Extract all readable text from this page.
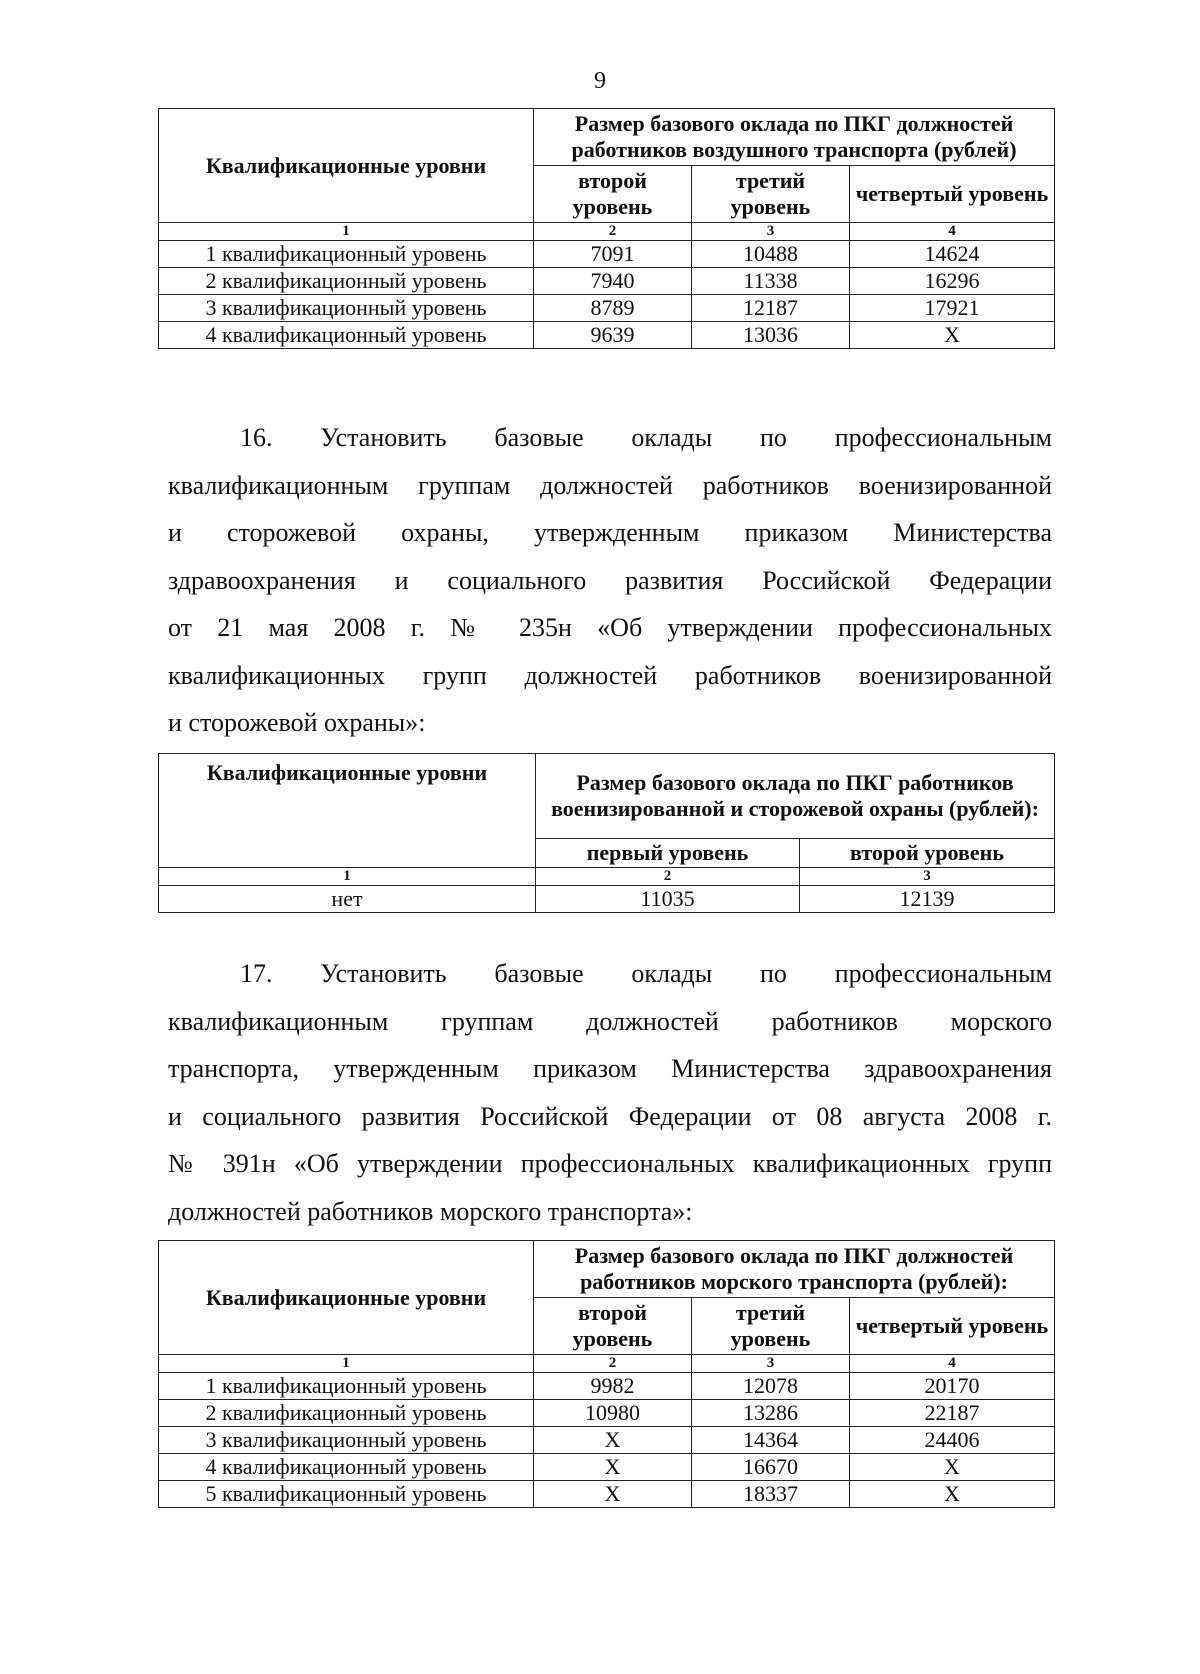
9
Квалификационные уровни	Размер базового оклада по ПКГ должностей работников воздушного транспорта (рублей)		
	второй уровень	третий уровень	четвертый уровень
1	2	3	4
1 квалификационный уровень	7091	10488	14624
2 квалификационный уровень	7940	11338	16296
3 квалификационный уровень	8789	12187	17921
4 квалификационный уровень	9639	13036	X
16. Установить базовые оклады по профессиональным
квалификационным группам должностей работников военизированной
и сторожевой охраны, утвержденным приказом Министерства
здравоохранения и социального развития Российской Федерации
от 21 мая 2008 г. № 235н «Об утверждении профессиональных
квалификационных групп должностей работников военизированной
и сторожевой охраны»:
Квалификационные уровни	Размер базового оклада по ПКГ работников военизированной и сторожевой охраны (рублей):	
	первый уровень	второй уровень
1	2	3
нет	11035	12139
17. Установить базовые оклады по профессиональным
квалификационным группам должностей работников морского
транспорта, утвержденным приказом Министерства здравоохранения
и социального развития Российской Федерации от 08 августа 2008 г.
№ 391н «Об утверждении профессиональных квалификационных групп
должностей работников морского транспорта»:
Квалификационные уровни	Размер базового оклада по ПКГ должностей работников морского транспорта (рублей):		
	второй уровень	третий уровень	четвертый уровень
1	2	3	4
1 квалификационный уровень	9982	12078	20170
2 квалификационный уровень	10980	13286	22187
3 квалификационный уровень	X	14364	24406
4 квалификационный уровень	X	16670	X
5 квалификационный уровень	X	18337	X
